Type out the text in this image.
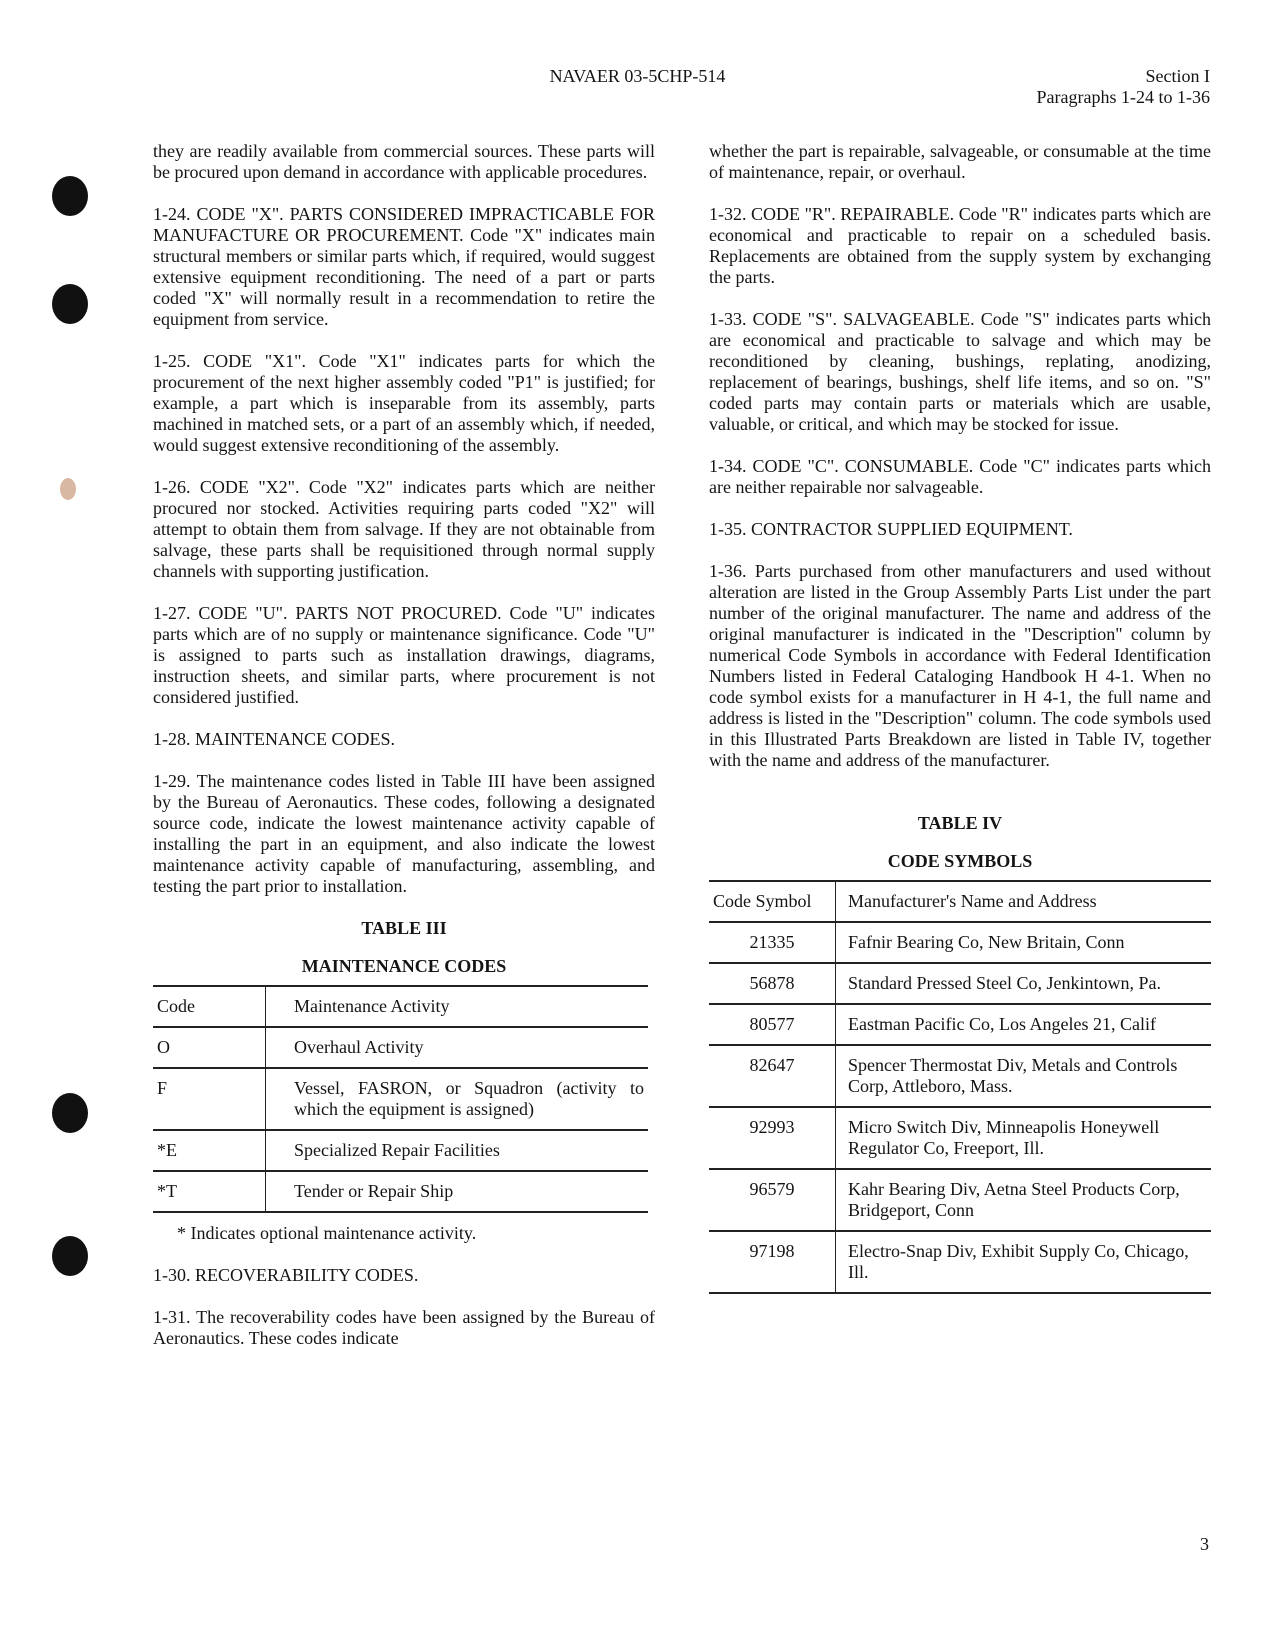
NAVAER 03-5CHP-514	Section I
Paragraphs 1-24 to 1-36

they are readily available from commercial sources. These parts will be procured upon demand in accordance with applicable procedures.

1-24. CODE "X". PARTS CONSIDERED IMPRACTICABLE FOR MANUFACTURE OR PROCUREMENT. Code "X" indicates main structural members or similar parts which, if required, would suggest extensive equipment reconditioning. The need of a part or parts coded "X" will normally result in a recommendation to retire the equipment from service.

1-25. CODE "X1". Code "X1" indicates parts for which the procurement of the next higher assembly coded "P1" is justified; for example, a part which is inseparable from its assembly, parts machined in matched sets, or a part of an assembly which, if needed, would suggest extensive reconditioning of the assembly.

1-26. CODE "X2". Code "X2" indicates parts which are neither procured nor stocked. Activities requiring parts coded "X2" will attempt to obtain them from salvage. If they are not obtainable from salvage, these parts shall be requisitioned through normal supply channels with supporting justification.

1-27. CODE "U". PARTS NOT PROCURED. Code "U" indicates parts which are of no supply or maintenance significance. Code "U" is assigned to parts such as installation drawings, diagrams, instruction sheets, and similar parts, where procurement is not considered justified.

1-28. MAINTENANCE CODES.

1-29. The maintenance codes listed in Table III have been assigned by the Bureau of Aeronautics. These codes, following a designated source code, indicate the lowest maintenance activity capable of installing the part in an equipment, and also indicate the lowest maintenance activity capable of manufacturing, assembling, and testing the part prior to installation.

TABLE III

MAINTENANCE CODES

Code	Maintenance Activity
O	Overhaul Activity
F	Vessel, FASRON, or Squadron (activity to which the equipment is assigned)
*E	Specialized Repair Facilities
*T	Tender or Repair Ship

* Indicates optional maintenance activity.

1-30. RECOVERABILITY CODES.

1-31. The recoverability codes have been assigned by the Bureau of Aeronautics. These codes indicate

whether the part is repairable, salvageable, or consumable at the time of maintenance, repair, or overhaul.

1-32. CODE "R". REPAIRABLE. Code "R" indicates parts which are economical and practicable to repair on a scheduled basis. Replacements are obtained from the supply system by exchanging the parts.

1-33. CODE "S". SALVAGEABLE. Code "S" indicates parts which are economical and practicable to salvage and which may be reconditioned by cleaning, bushings, replating, anodizing, replacement of bearings, bushings, shelf life items, and so on. "S" coded parts may contain parts or materials which are usable, valuable, or critical, and which may be stocked for issue.

1-34. CODE "C". CONSUMABLE. Code "C" indicates parts which are neither repairable nor salvageable.

1-35. CONTRACTOR SUPPLIED EQUIPMENT.

1-36. Parts purchased from other manufacturers and used without alteration are listed in the Group Assembly Parts List under the part number of the original manufacturer. The name and address of the original manufacturer is indicated in the "Description" column by numerical Code Symbols in accordance with Federal Identification Numbers listed in Federal Cataloging Handbook H 4-1. When no code symbol exists for a manufacturer in H 4-1, the full name and address is listed in the "Description" column. The code symbols used in this Illustrated Parts Breakdown are listed in Table IV, together with the name and address of the manufacturer.

TABLE IV

CODE SYMBOLS

Code Symbol	Manufacturer's Name and Address
21335	Fafnir Bearing Co, New Britain, Conn
56878	Standard Pressed Steel Co, Jenkintown, Pa.
80577	Eastman Pacific Co, Los Angeles 21, Calif
82647	Spencer Thermostat Div, Metals and Controls Corp, Attleboro, Mass.
92993	Micro Switch Div, Minneapolis Honeywell Regulator Co, Freeport, Ill.
96579	Kahr Bearing Div, Aetna Steel Products Corp, Bridgeport, Conn
97198	Electro-Snap Div, Exhibit Supply Co, Chicago, Ill.
3
